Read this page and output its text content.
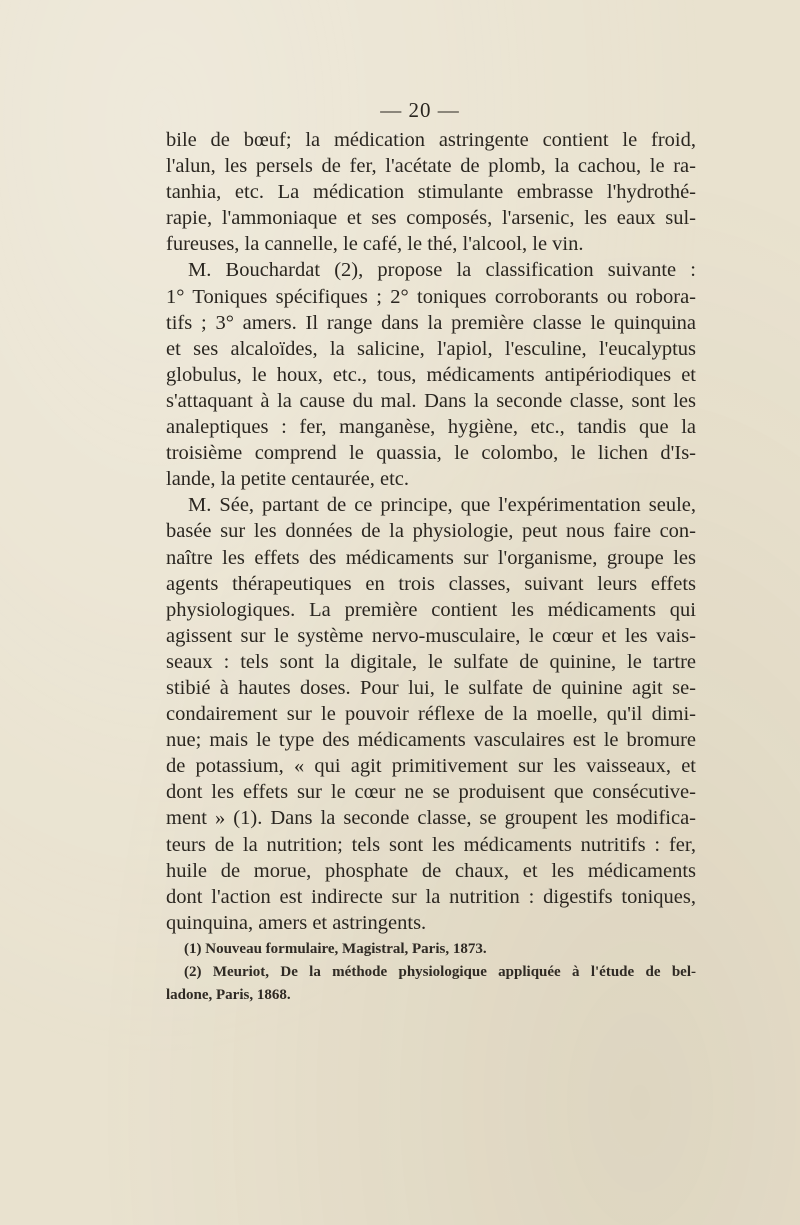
— 20 —
bile de bœuf; la médication astringente contient le froid,
l'alun, les persels de fer, l'acétate de plomb, la cachou, le ra-
tanhia, etc. La médication stimulante embrasse l'hydrothé-
rapie, l'ammoniaque et ses composés, l'arsenic, les eaux sul-
fureuses, la cannelle, le café, le thé, l'alcool, le vin.
M. Bouchardat (2), propose la classification suivante :
1° Toniques spécifiques ; 2° toniques corroborants ou robora-
tifs ; 3° amers. Il range dans la première classe le quinquina
et ses alcaloïdes, la salicine, l'apiol, l'esculine, l'eucalyptus
globulus, le houx, etc., tous, médicaments antipériodiques et
s'attaquant à la cause du mal. Dans la seconde classe, sont les
analeptiques : fer, manganèse, hygiène, etc., tandis que la
troisième comprend le quassia, le colombo, le lichen d'Is-
lande, la petite centaurée, etc.
M. Sée, partant de ce principe, que l'expérimentation seule,
basée sur les données de la physiologie, peut nous faire con-
naître les effets des médicaments sur l'organisme, groupe les
agents thérapeutiques en trois classes, suivant leurs effets
physiologiques. La première contient les médicaments qui
agissent sur le système nervo-musculaire, le cœur et les vais-
seaux : tels sont la digitale, le sulfate de quinine, le tartre
stibié à hautes doses. Pour lui, le sulfate de quinine agit se-
condairement sur le pouvoir réflexe de la moelle, qu'il dimi-
nue; mais le type des médicaments vasculaires est le bromure
de potassium, « qui agit primitivement sur les vaisseaux, et
dont les effets sur le cœur ne se produisent que consécutive-
ment » (1). Dans la seconde classe, se groupent les modifica-
teurs de la nutrition; tels sont les médicaments nutritifs : fer,
huile de morue, phosphate de chaux, et les médicaments
dont l'action est indirecte sur la nutrition : digestifs toniques,
quinquina, amers et astringents.
(1) Nouveau formulaire, Magistral, Paris, 1873.
(2) Meuriot, De la méthode physiologique appliquée à l'étude de bel-
ladone, Paris, 1868.
